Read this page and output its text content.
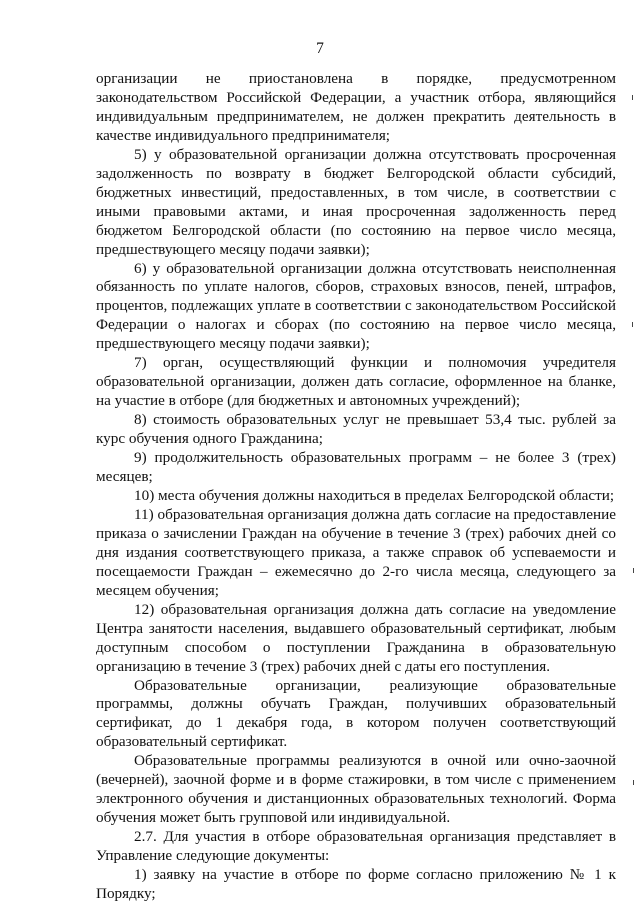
7

организации не приостановлена в порядке, предусмотренном законодательством Российской Федерации, а участник отбора, являющийся индивидуальным предпринимателем, не должен прекратить деятельность в качестве индивидуального предпринимателя;

5) у образовательной организации должна отсутствовать просроченная задолженность по возврату в бюджет Белгородской области субсидий, бюджетных инвестиций, предоставленных, в том числе, в соответствии с иными правовыми актами, и иная просроченная задолженность перед бюджетом Белгородской области (по состоянию на первое число месяца, предшествующего месяцу подачи заявки);

6) у образовательной организации должна отсутствовать неисполненная обязанность по уплате налогов, сборов, страховых взносов, пеней, штрафов, процентов, подлежащих уплате в соответствии с законодательством Российской Федерации о налогах и сборах (по состоянию на первое число месяца, предшествующего месяцу подачи заявки);

7) орган, осуществляющий функции и полномочия учредителя образовательной организации, должен дать согласие, оформленное на бланке, на участие в отборе (для бюджетных и автономных учреждений);

8) стоимость образовательных услуг не превышает 53,4 тыс. рублей за курс обучения одного Гражданина;

9) продолжительность образовательных программ – не более 3 (трех) месяцев;

10) места обучения должны находиться в пределах Белгородской области;

11) образовательная организация должна дать согласие на предоставление приказа о зачислении Граждан на обучение в течение 3 (трех) рабочих дней со дня издания соответствующего приказа, а также справок об успеваемости и посещаемости Граждан – ежемесячно до 2-го числа месяца, следующего за месяцем обучения;

12) образовательная организация должна дать согласие на уведомление Центра занятости населения, выдавшего образовательный сертификат, любым доступным способом о поступлении Гражданина в образовательную организацию в течение 3 (трех) рабочих дней с даты его поступления.

Образовательные организации, реализующие образовательные программы, должны обучать Граждан, получивших образовательный сертификат, до 1 декабря года, в котором получен соответствующий образовательный сертификат.

Образовательные программы реализуются в очной или очно-заочной (вечерней), заочной форме и в форме стажировки, в том числе с применением электронного обучения и дистанционных образовательных технологий. Форма обучения может быть групповой или индивидуальной.

2.7. Для участия в отборе образовательная организация представляет в Управление следующие документы:

1) заявку на участие в отборе по форме согласно приложению № 1 к Порядку;
